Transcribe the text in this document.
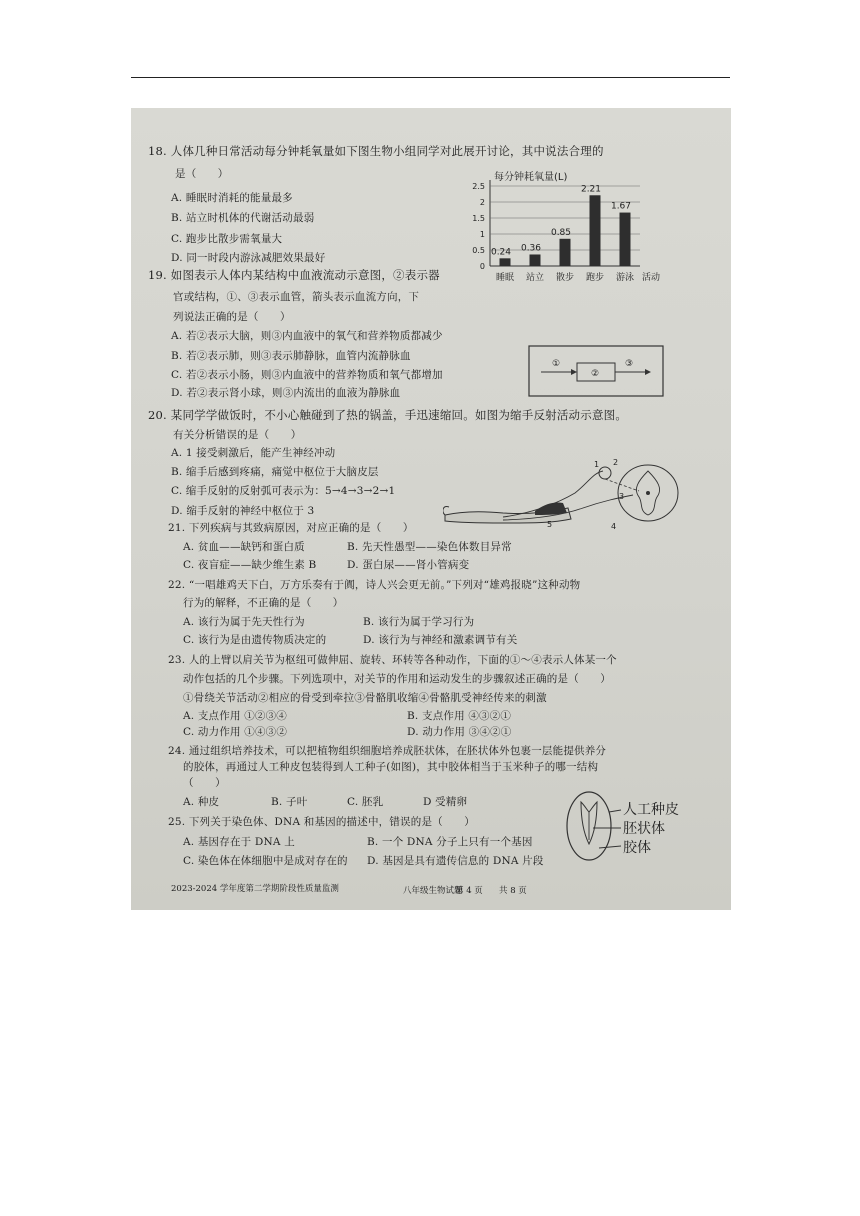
18. 人体几种日常活动每分钟耗氧量如下图生物小组同学对此展开讨论，其中说法合理的
是（　　）
A. 睡眠时消耗的能量最多
B. 站立时机体的代谢活动最弱
C. 跑步比散步需氧量大
D. 同一时段内游泳减肥效果最好
每分钟耗氧量(L)
0
0.5
1
1.5
2
2.5
0.24
睡眠
0.36
站立
0.85
散步
2.21
跑步
1.67
游泳 活动
19. 如图表示人体内某结构中血液流动示意图，②表示器
官或结构，①、③表示血管，箭头表示血流方向，下
列说法正确的是（　　）
A. 若②表示大脑，则③内血液中的氧气和营养物质都减少
B. 若②表示肺，则③表示肺静脉，血管内流静脉血
C. 若②表示小肠，则③内血液中的营养物质和氧气都增加
D. 若②表示肾小球，则③内流出的血液为静脉血
①
②
③
20. 某同学学做饭时，不小心触碰到了热的锅盖，手迅速缩回。如图为缩手反射活动示意图。
有关分析错误的是（　　）
A. 1 接受刺激后，能产生神经冲动
B. 缩手后感到疼痛，痛觉中枢位于大脑皮层
C. 缩手反射的反射弧可表示为：5→4→3→2→1
D. 缩手反射的神经中枢位于 3
1 2
3
4
5
21. 下列疾病与其致病原因，对应正确的是（　　）
A. 贫血——缺钙和蛋白质	B. 先天性愚型——染色体数目异常
C. 夜盲症——缺少维生素 B	D. 蛋白尿——肾小管病变
22. “一唱雄鸡天下白，万方乐奏有于阗，诗人兴会更无前。”下列对“雄鸡报晓”这种动物
行为的解释，不正确的是（　　）
A. 该行为属于先天性行为	B. 该行为属于学习行为
C. 该行为是由遗传物质决定的	D. 该行为与神经和激素调节有关
23. 人的上臂以肩关节为枢纽可做伸屈、旋转、环转等各种动作，下面的①～④表示人体某一个
动作包括的几个步骤。下列选项中，对关节的作用和运动发生的步骤叙述正确的是（　　）
①骨绕关节活动②相应的骨受到牵拉③骨骼肌收缩④骨骼肌受神经传来的刺激
A. 支点作用 ①②③④	B. 支点作用 ④③②①
C. 动力作用 ①④③②	D. 动力作用 ③④②①
24. 通过组织培养技术，可以把植物组织细胞培养成胚状体，在胚状体外包裹一层能提供养分
的胶体，再通过人工种皮包装得到人工种子(如图)，其中胶体相当于玉米种子的哪一结构
（　　）
A. 种皮	B. 子叶	C. 胚乳	D 受精卵
25. 下列关于染色体、DNA 和基因的描述中，错误的是（　　）
A. 基因存在于 DNA 上	B. 一个 DNA 分子上只有一个基因
C. 染色体在体细胞中是成对存在的 D. 基因是具有遗传信息的 DNA 片段
人工种皮
胚状体
胶体
2023-2024 学年度第二学期阶段性质量监测	八年级生物试题
第 4 页 共 8 页
